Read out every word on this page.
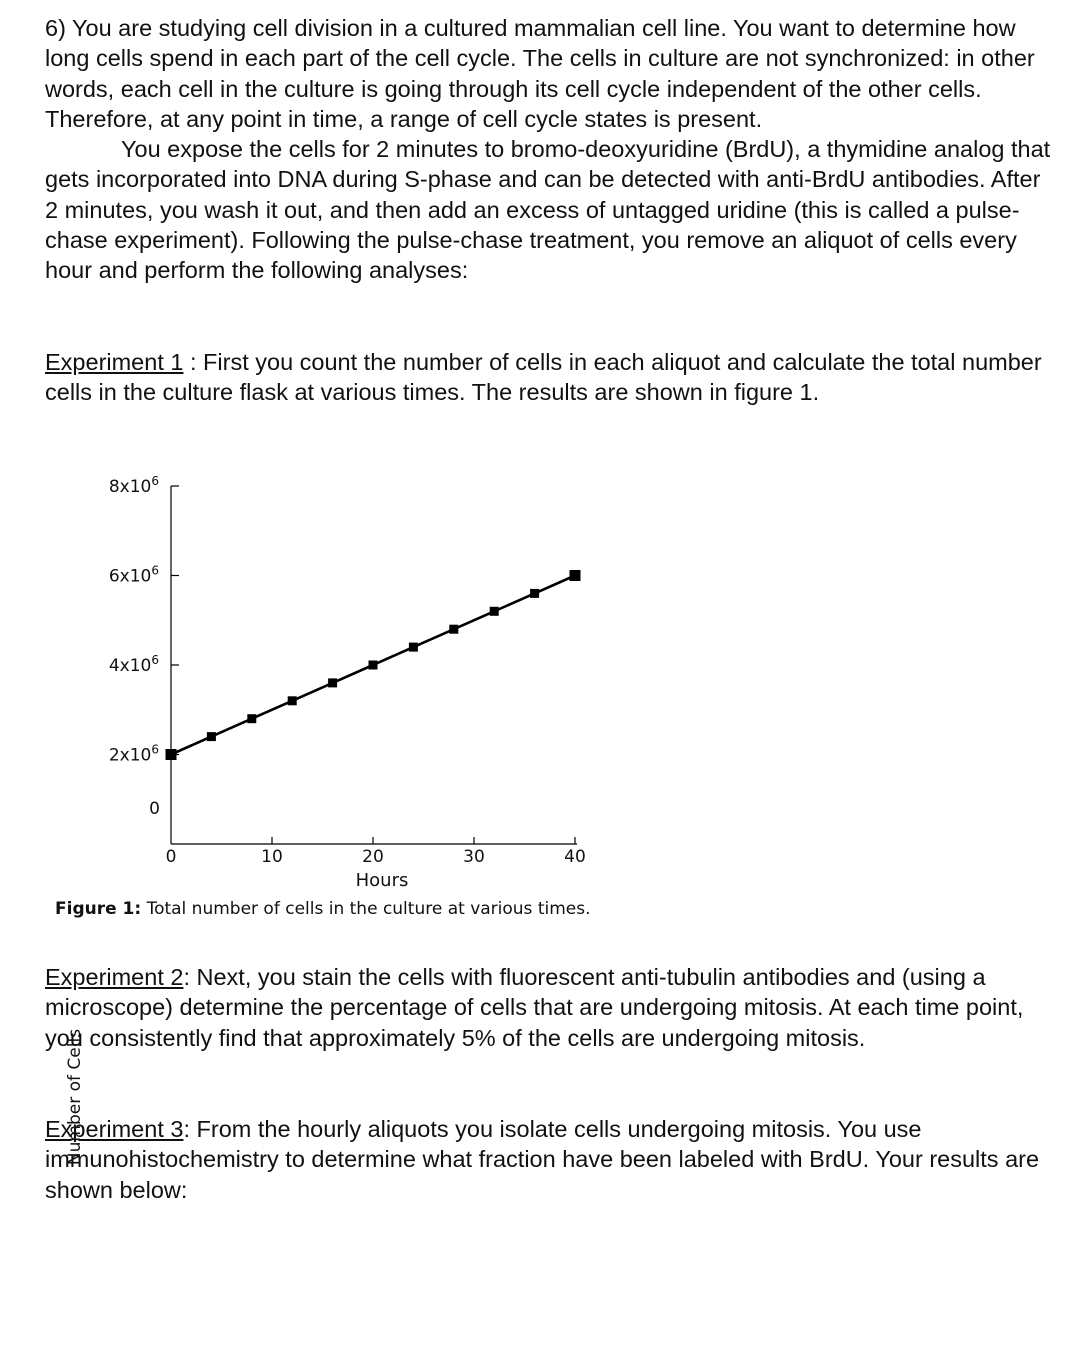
6) You are studying cell division in a cultured mammalian cell line. You want to determine how long cells spend in each part of the cell cycle. The cells in culture are not synchronized: in other words, each cell in the culture is going through its cell cycle independent of the other cells. Therefore, at any point in time, a range of cell cycle states is present.
You expose the cells for 2 minutes to bromo-deoxyuridine (BrdU), a thymidine analog that gets incorporated into DNA during S-phase and can be detected with anti-BrdU antibodies. After 2 minutes, you wash it out, and then add an excess of untagged uridine (this is called a pulse-chase experiment). Following the pulse-chase treatment, you remove an aliquot of cells every hour and perform the following analyses:

Experiment 1 : First you count the number of cells in each aliquot and calculate the total number cells in the culture flask at various times. The results are shown in figure 1.

0
$2x10^6$
$4x10^6$
$6x10^6$
$8x10^6$
0	10	20	30	40
Hours
Number of Cells
Figure 1: Total number of cells in the culture at various times.

Experiment 2: Next, you stain the cells with fluorescent anti-tubulin antibodies and (using a microscope) determine the percentage of cells that are undergoing mitosis. At each time point, you consistently find that approximately 5% of the cells are undergoing mitosis.

Experiment 3: From the hourly aliquots you isolate cells undergoing mitosis. You use immunohistochemistry to determine what fraction have been labeled with BrdU. Your results are shown below:
